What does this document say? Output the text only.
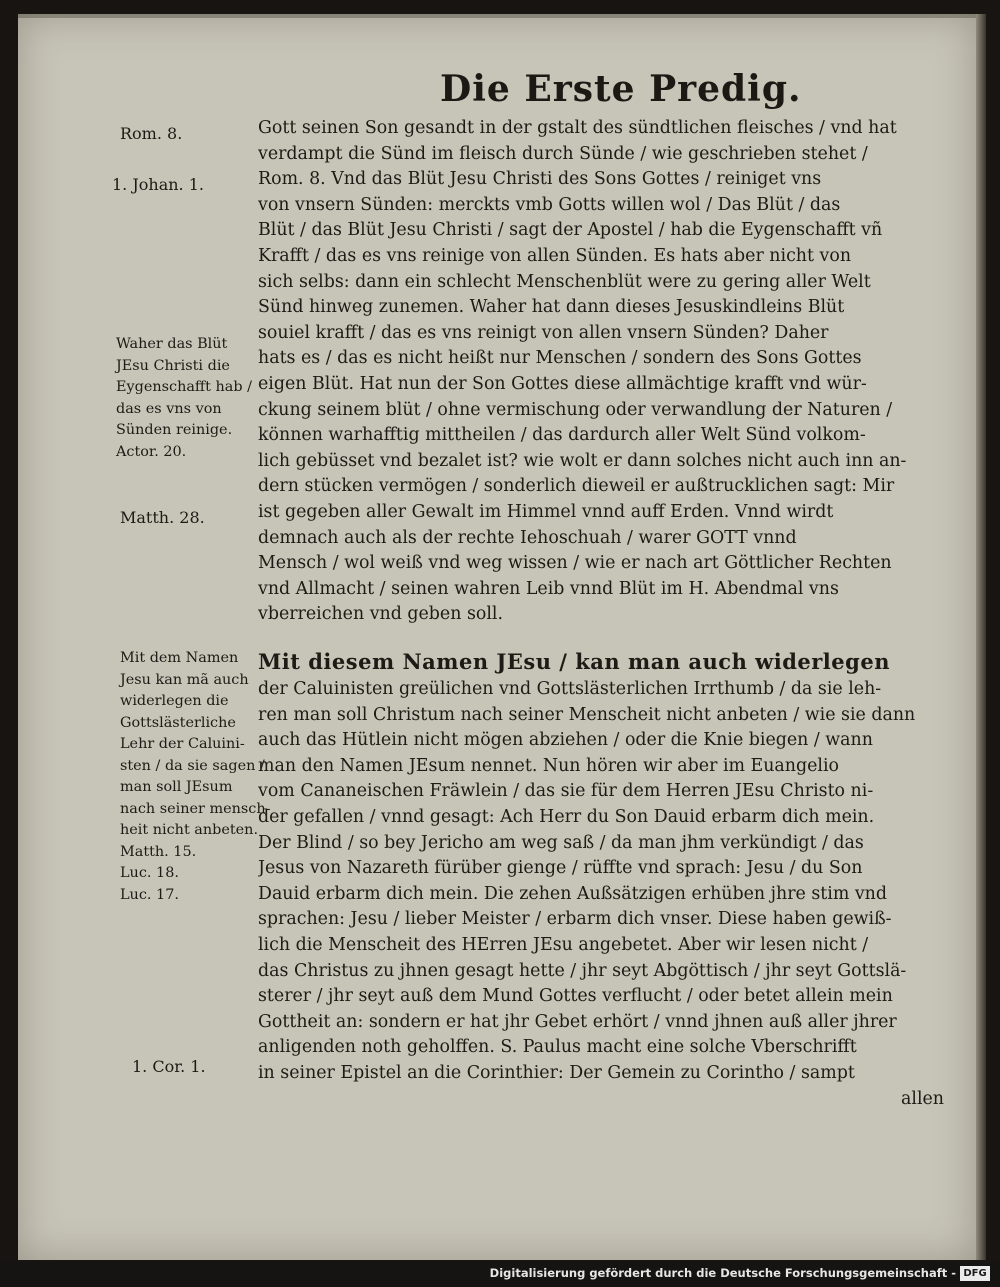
Die Erste Predig.
Gott seinen Son gesandt in der gstalt des sündtlichen fleisches / vnd hat
verdampt die Sünd im fleisch durch Sünde / wie geschrieben stehet /
Rom. 8. Vnd das Blüt Jesu Christi des Sons Gottes / reiniget vns
von vnsern Sünden: merckts vmb Gotts willen wol / Das Blüt / das
Blüt / das Blüt Jesu Christi / sagt der Apostel / hab die Eygenschafft vñ
Krafft / das es vns reinige von allen Sünden. Es hats aber nicht von
sich selbs: dann ein schlecht Menschenblüt were zu gering aller Welt
Sünd hinweg zunemen. Waher hat dann dieses Jesuskindleins Blüt
souiel krafft / das es vns reinigt von allen vnsern Sünden? Daher
hats es / das es nicht heißt nur Menschen / sondern des Sons Gottes
eigen Blüt. Hat nun der Son Gottes diese allmächtige krafft vnd wür-
ckung seinem blüt / ohne vermischung oder verwandlung der Naturen /
können warhafftig mittheilen / das dardurch aller Welt Sünd volkom-
lich gebüsset vnd bezalet ist? wie wolt er dann solches nicht auch inn an-
dern stücken vermögen / sonderlich dieweil er außtrucklichen sagt: Mir
ist gegeben aller Gewalt im Himmel vnnd auff Erden. Vnnd wirdt
demnach auch als der rechte Iehoschuah / warer GOTT vnnd
Mensch / wol weiß vnd weg wissen / wie er nach art Göttlicher Rechten
vnd Allmacht / seinen wahren Leib vnnd Blüt im H. Abendmal vns
vberreichen vnd geben soll.
Mit diesem Namen JEsu / kan man auch widerlegen
der Caluinisten greülichen vnd Gottslästerlichen Irrthumb / da sie leh-
ren man soll Christum nach seiner Menscheit nicht anbeten / wie sie dann
auch das Hütlein nicht mögen abziehen / oder die Knie biegen / wann
man den Namen JEsum nennet. Nun hören wir aber im Euangelio
vom Cananeischen Fräwlein / das sie für dem Herren JEsu Christo ni-
der gefallen / vnnd gesagt: Ach Herr du Son Dauid erbarm dich mein.
Der Blind / so bey Jericho am weg saß / da man jhm verkündigt / das
Jesus von Nazareth fürüber gienge / rüffte vnd sprach: Jesu / du Son
Dauid erbarm dich mein. Die zehen Außsätzigen erhüben jhre stim vnd
sprachen: Jesu / lieber Meister / erbarm dich vnser. Diese haben gewiß-
lich die Menscheit des HErren JEsu angebetet. Aber wir lesen nicht /
das Christus zu jhnen gesagt hette / jhr seyt Abgöttisch / jhr seyt Gottslä-
sterer / jhr seyt auß dem Mund Gottes verflucht / oder betet allein mein
Gottheit an: sondern er hat jhr Gebet erhört / vnnd jhnen auß aller jhrer
anligenden noth geholffen. S. Paulus macht eine solche Vberschrifft
in seiner Epistel an die Corinthier: Der Gemein zu Corintho / sampt
allen
Rom. 8.
1. Johan. 1.
Waher das Blüt
JEsu Christi die
Eygenschafft hab /
das es vns von
Sünden reinige.
Actor. 20.
Matth. 28.
Mit dem Namen
Jesu kan mã auch
widerlegen die
Gottslästerliche
Lehr der Caluini-
sten / da sie sagen /
man soll JEsum
nach seiner mensch-
heit nicht anbeten.
Matth. 15.
Luc. 18.
Luc. 17.
1. Cor. 1.
Digitalisierung gefördert durch die Deutsche Forschungsgemeinschaft - DFG
